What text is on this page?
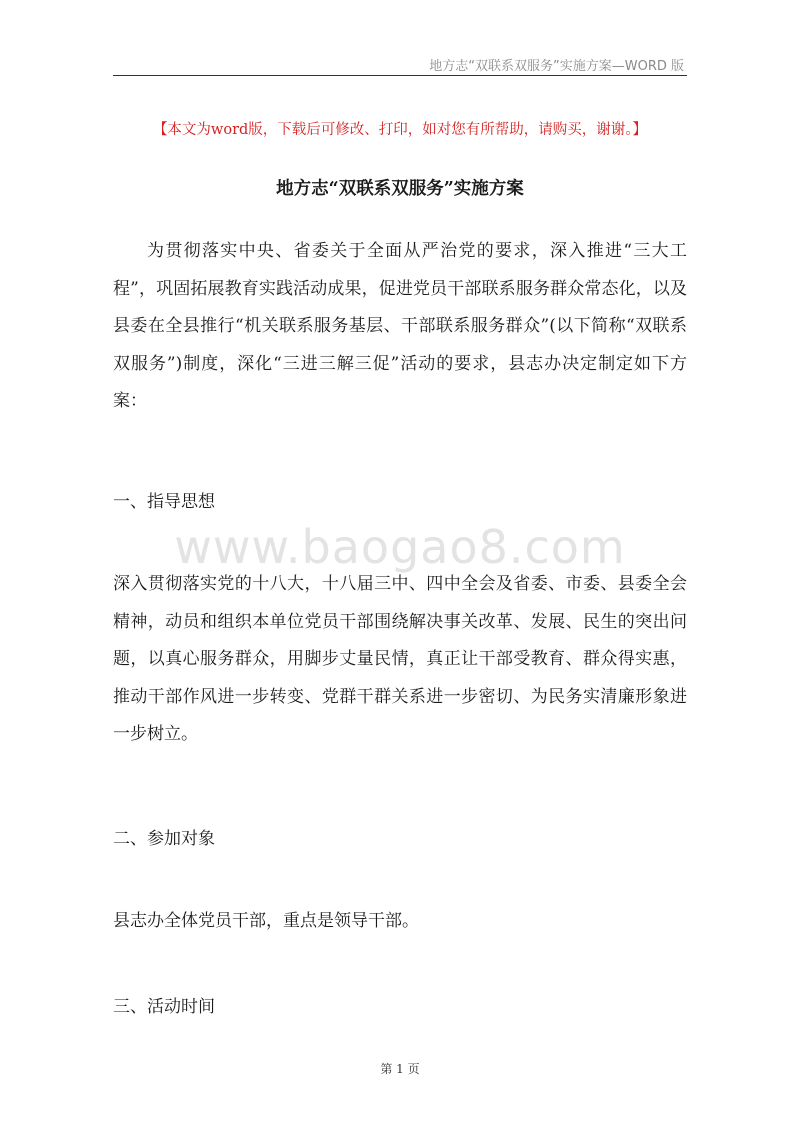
地方志“双联系双服务”实施方案—WORD 版
【本文为word版，下载后可修改、打印，如对您有所帮助，请购买，谢谢。】
地方志“双联系双服务”实施方案

为贯彻落实中央、省委关于全面从严治党的要求，深入推进“三大工程”，巩固拓展教育实践活动成果，促进党员干部联系服务群众常态化，以及县委在全县推行“机关联系服务基层、干部联系服务群众”(以下简称“双联系双服务”)制度，深化“三进三解三促”活动的要求，县志办决定制定如下方案：

一、指导思想
www.baogao8.com

深入贯彻落实党的十八大，十八届三中、四中全会及省委、市委、县委全会精神，动员和组织本单位党员干部围绕解决事关改革、发展、民生的突出问题，以真心服务群众，用脚步丈量民情，真正让干部受教育、群众得实惠，推动干部作风进一步转变、党群干群关系进一步密切、为民务实清廉形象进一步树立。

二、参加对象

县志办全体党员干部，重点是领导干部。

三、活动时间
第 1 页
